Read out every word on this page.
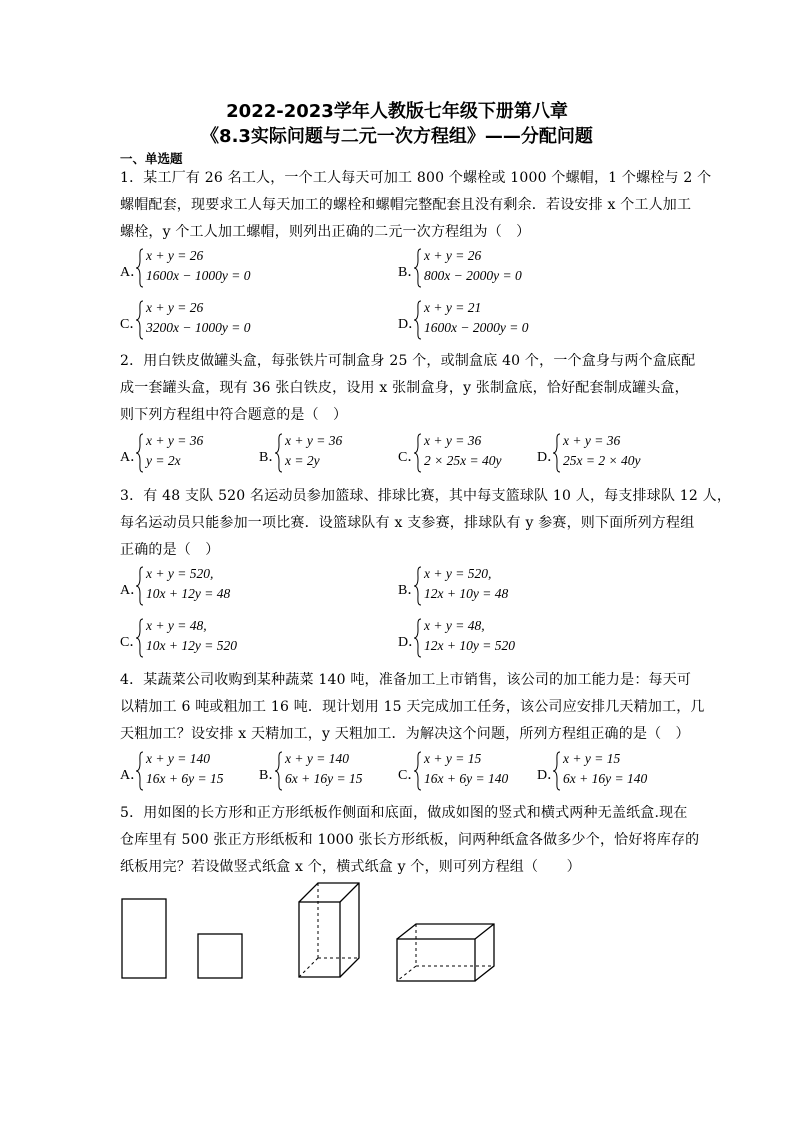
2022-2023学年人教版七年级下册第八章
《8.3实际问题与二元一次方程组》——分配问题
一、单选题
1．某工厂有 26 名工人，一个工人每天可加工 800 个螺栓或 1000 个螺帽，1 个螺栓与 2 个
螺帽配套，现要求工人每天加工的螺栓和螺帽完整配套且没有剩余．若设安排 x 个工人加工
螺栓，y 个工人加工螺帽，则列出正确的二元一次方程组为（　）
A．
x + y = 26
1600x − 1000y = 0	B．
x + y = 26
800x − 2000y = 0
C．
x + y = 26
3200x − 1000y = 0	D．
x + y = 21
1600x − 2000y = 0
2．用白铁皮做罐头盒，每张铁片可制盒身 25 个，或制盒底 40 个，一个盒身与两个盒底配
成一套罐头盒，现有 36 张白铁皮，设用 x 张制盒身，y 张制盒底，恰好配套制成罐头盒，
则下列方程组中符合题意的是（　）
A．
x + y = 36
y = 2x	B．
x + y = 36
x = 2y	C．
x + y = 36
2 × 25x = 40y	D．
x + y = 36
25x = 2 × 40y
3．有 48 支队 520 名运动员参加篮球、排球比赛，其中每支篮球队 10 人，每支排球队 12 人，
每名运动员只能参加一项比赛．设篮球队有 x 支参赛，排球队有 y 参赛，则下面所列方程组
正确的是（　）
A．
x + y = 520,
10x + 12y = 48	B．
x + y = 520,
12x + 10y = 48
C．
x + y = 48,
10x + 12y = 520	D．
x + y = 48,
12x + 10y = 520
4．某蔬菜公司收购到某种蔬菜 140 吨，准备加工上市销售，该公司的加工能力是：每天可
以精加工 6 吨或粗加工 16 吨．现计划用 15 天完成加工任务，该公司应安排几天精加工，几
天粗加工？设安排 x 天精加工，y 天粗加工．为解决这个问题，所列方程组正确的是（　）
A．
x + y = 140
16x + 6y = 15	B．
x + y = 140
6x + 16y = 15	C．
x + y = 15
16x + 6y = 140 D．
x + y = 15
6x + 16y = 140
5．用如图的长方形和正方形纸板作侧面和底面，做成如图的竖式和横式两种无盖纸盒.现在
仓库里有 500 张正方形纸板和 1000 张长方形纸板，问两种纸盒各做多少个，恰好将库存的
纸板用完？若设做竖式纸盒 x 个，横式纸盒 y 个，则可列方程组（　　）
